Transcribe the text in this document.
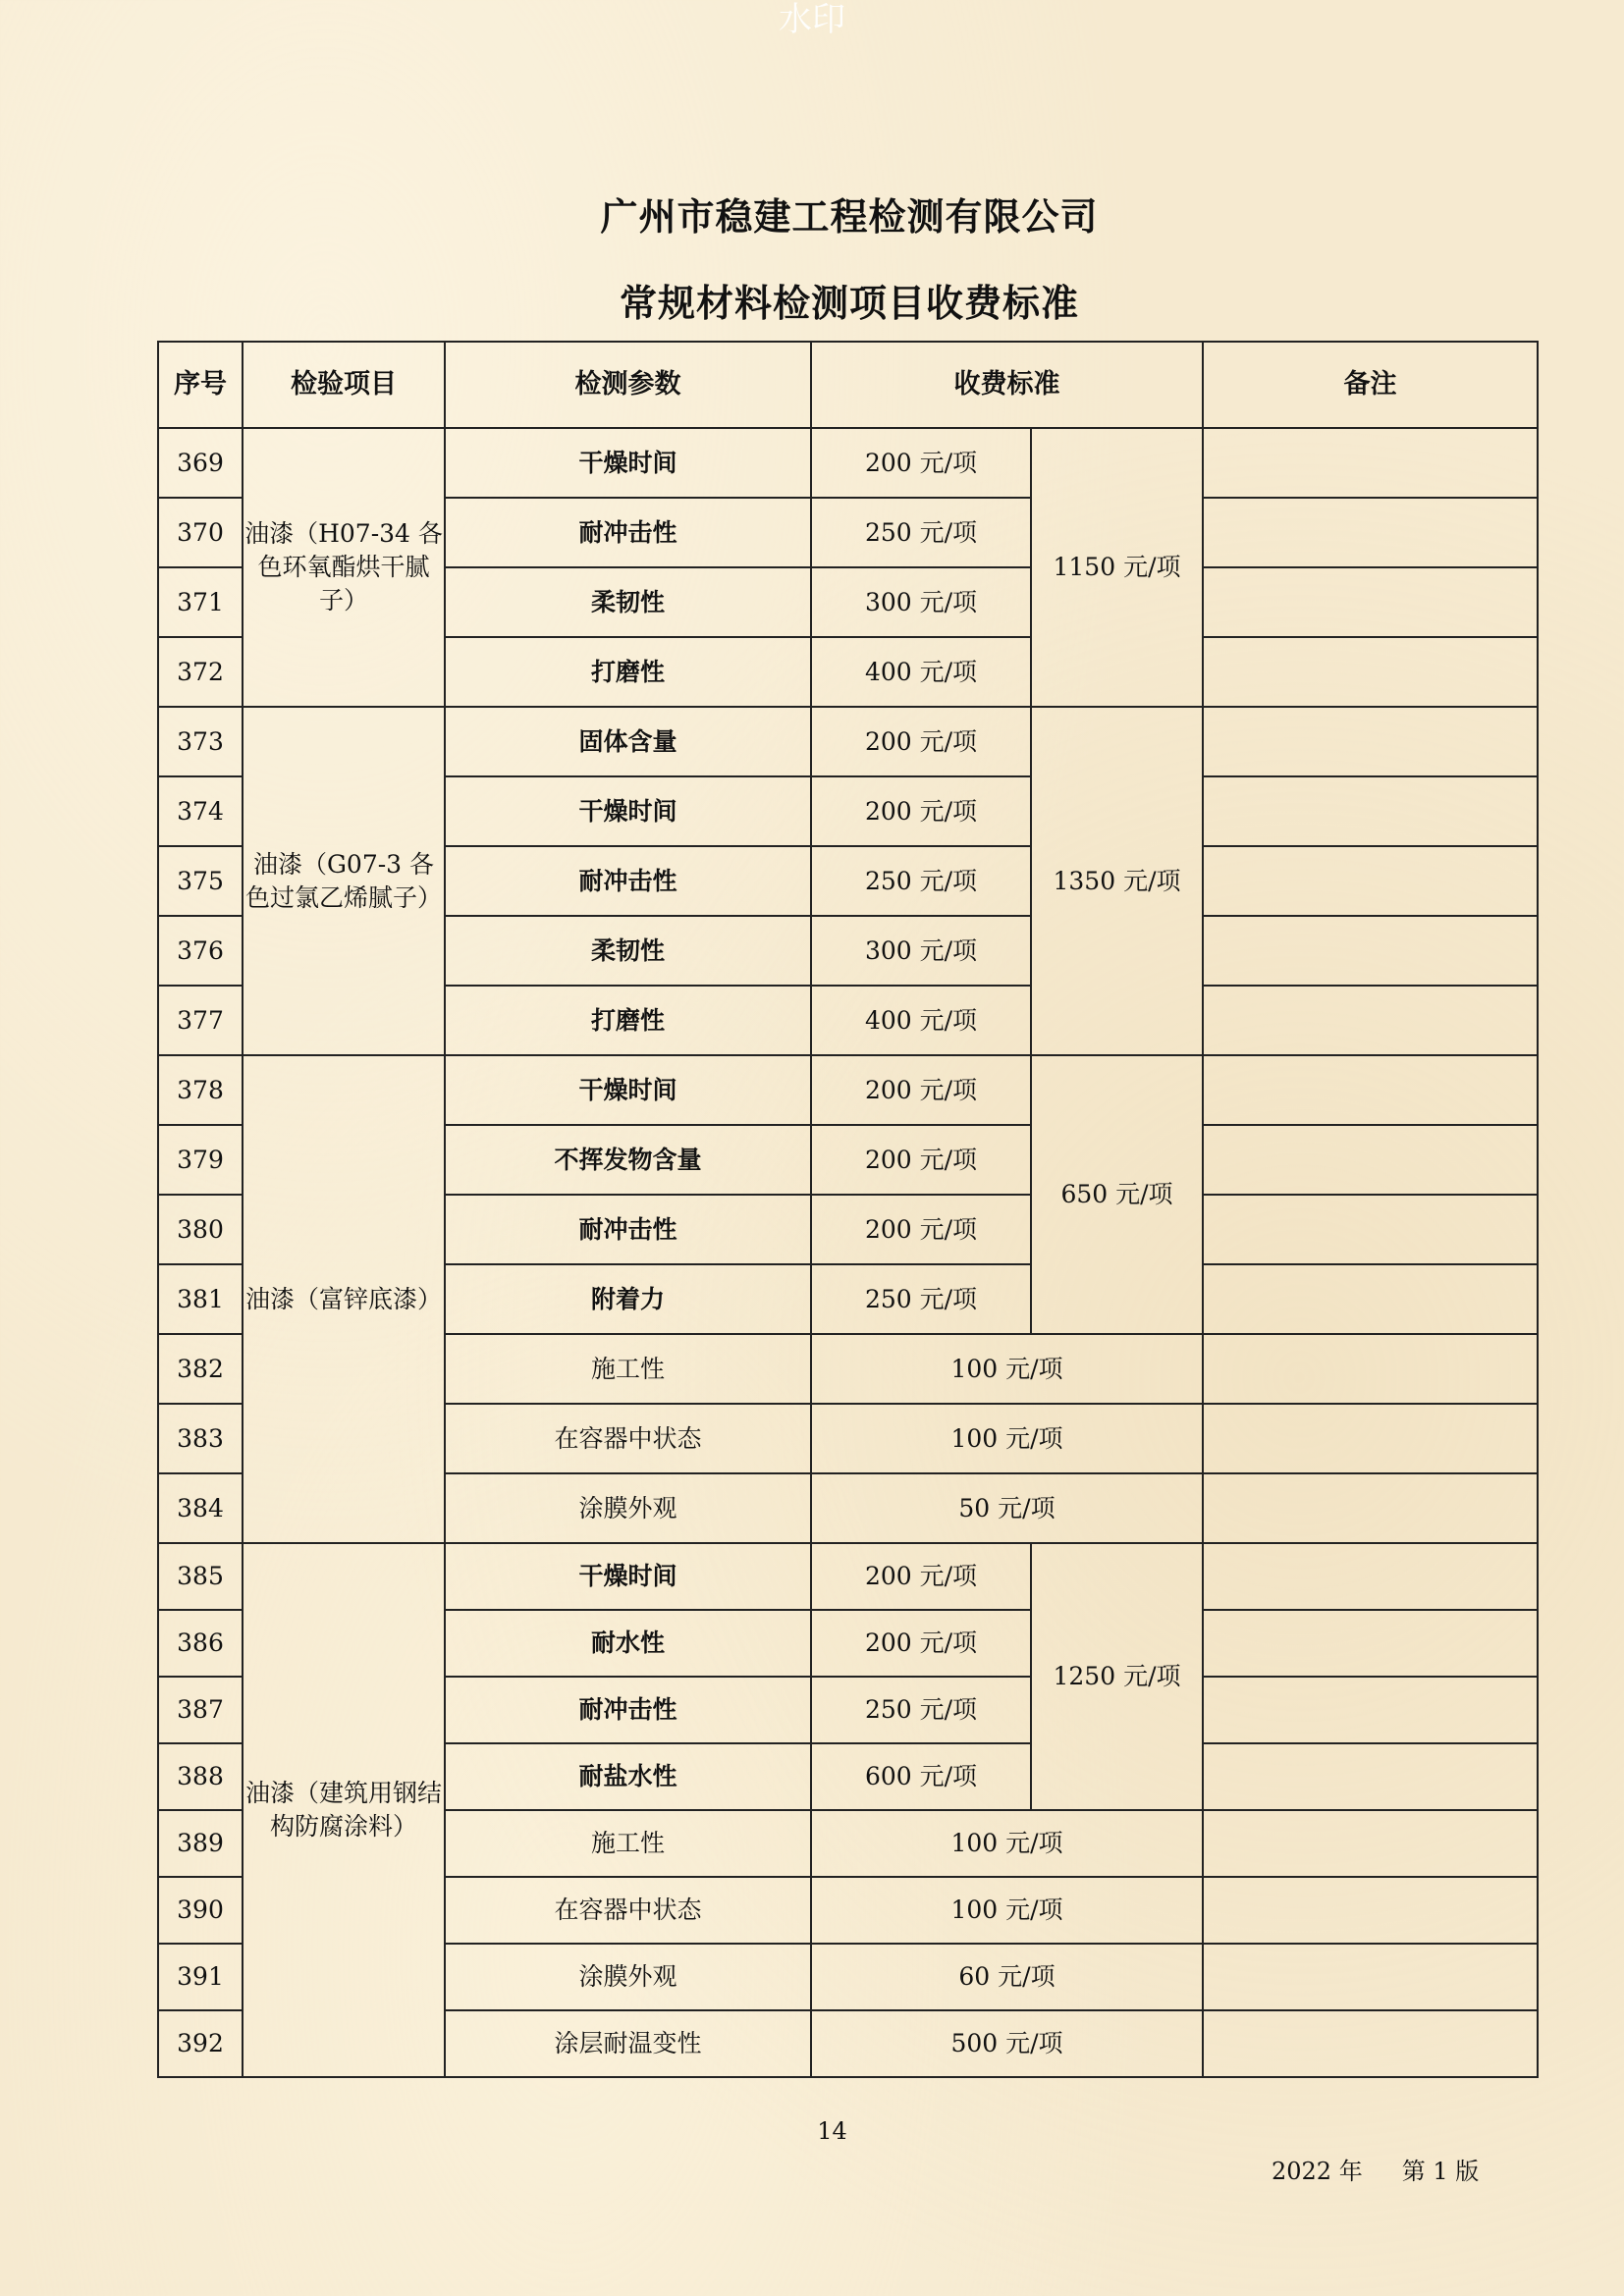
水印
广州市稳建工程检测有限公司
常规材料检测项目收费标准
序号	检验项目	检测参数	收费标准		备注
369	油漆（H07-34 各色环氧酯烘干腻子）	干燥时间	200 元/项	1150 元/项	
370		耐冲击性	250 元/项		
371		柔韧性	300 元/项		
372		打磨性	400 元/项		
373	油漆（G07-3 各色过氯乙烯腻子）	固体含量	200 元/项	1350 元/项	
374		干燥时间	200 元/项		
375		耐冲击性	250 元/项		
376		柔韧性	300 元/项		
377		打磨性	400 元/项		
378	油漆（富锌底漆）	干燥时间	200 元/项	650 元/项	
379		不挥发物含量	200 元/项		
380		耐冲击性	200 元/项		
381		附着力	250 元/项		
382		施工性	100 元/项		
383		在容器中状态	100 元/项		
384		涂膜外观	50 元/项		
385	油漆（建筑用钢结构防腐涂料）	干燥时间	200 元/项	1250 元/项	
386		耐水性	200 元/项		
387		耐冲击性	250 元/项		
388		耐盐水性	600 元/项		
389		施工性	100 元/项		
390		在容器中状态	100 元/项		
391		涂膜外观	60 元/项		
392		涂层耐温变性	500 元/项		
14
2022 年 第 1 版
